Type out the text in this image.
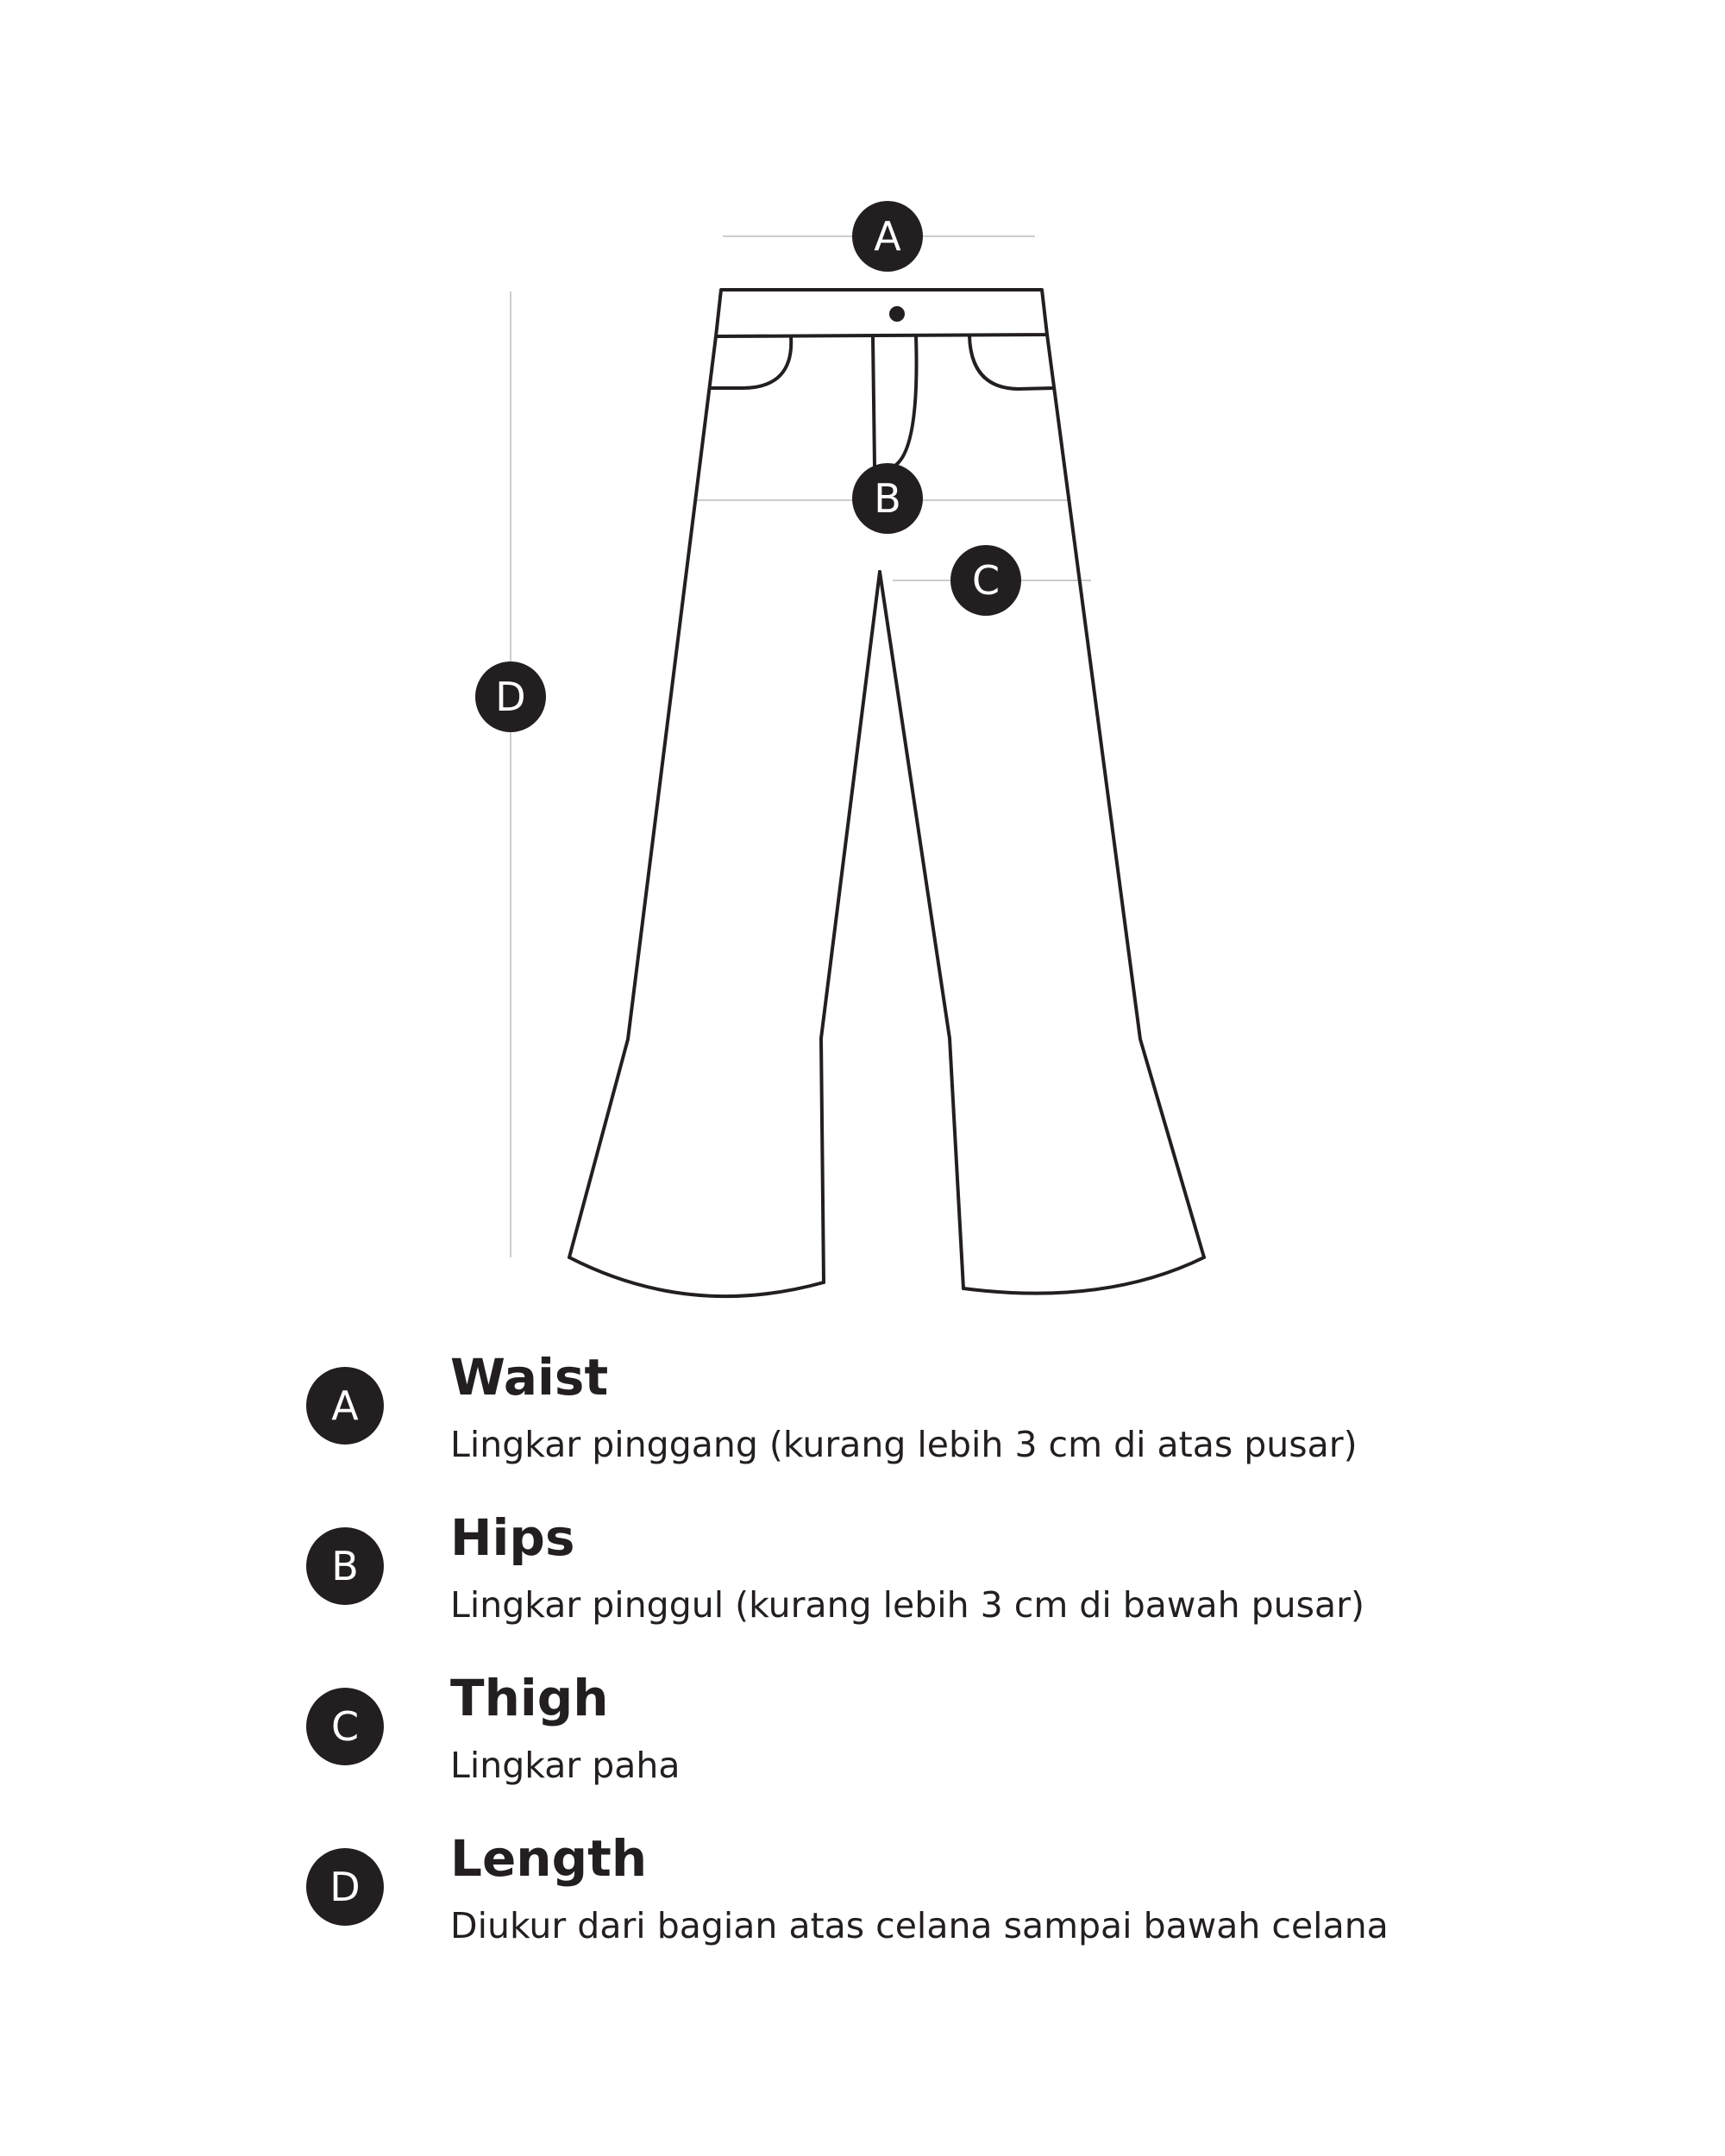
A
B
C
D
A	Waist
Lingkar pinggang (kurang lebih 3 cm di atas pusar)
B	Hips
Lingkar pinggul (kurang lebih 3 cm di bawah pusar)
C	Thigh
Lingkar paha
D	Length
Diukur dari bagian atas celana sampai bawah celana
